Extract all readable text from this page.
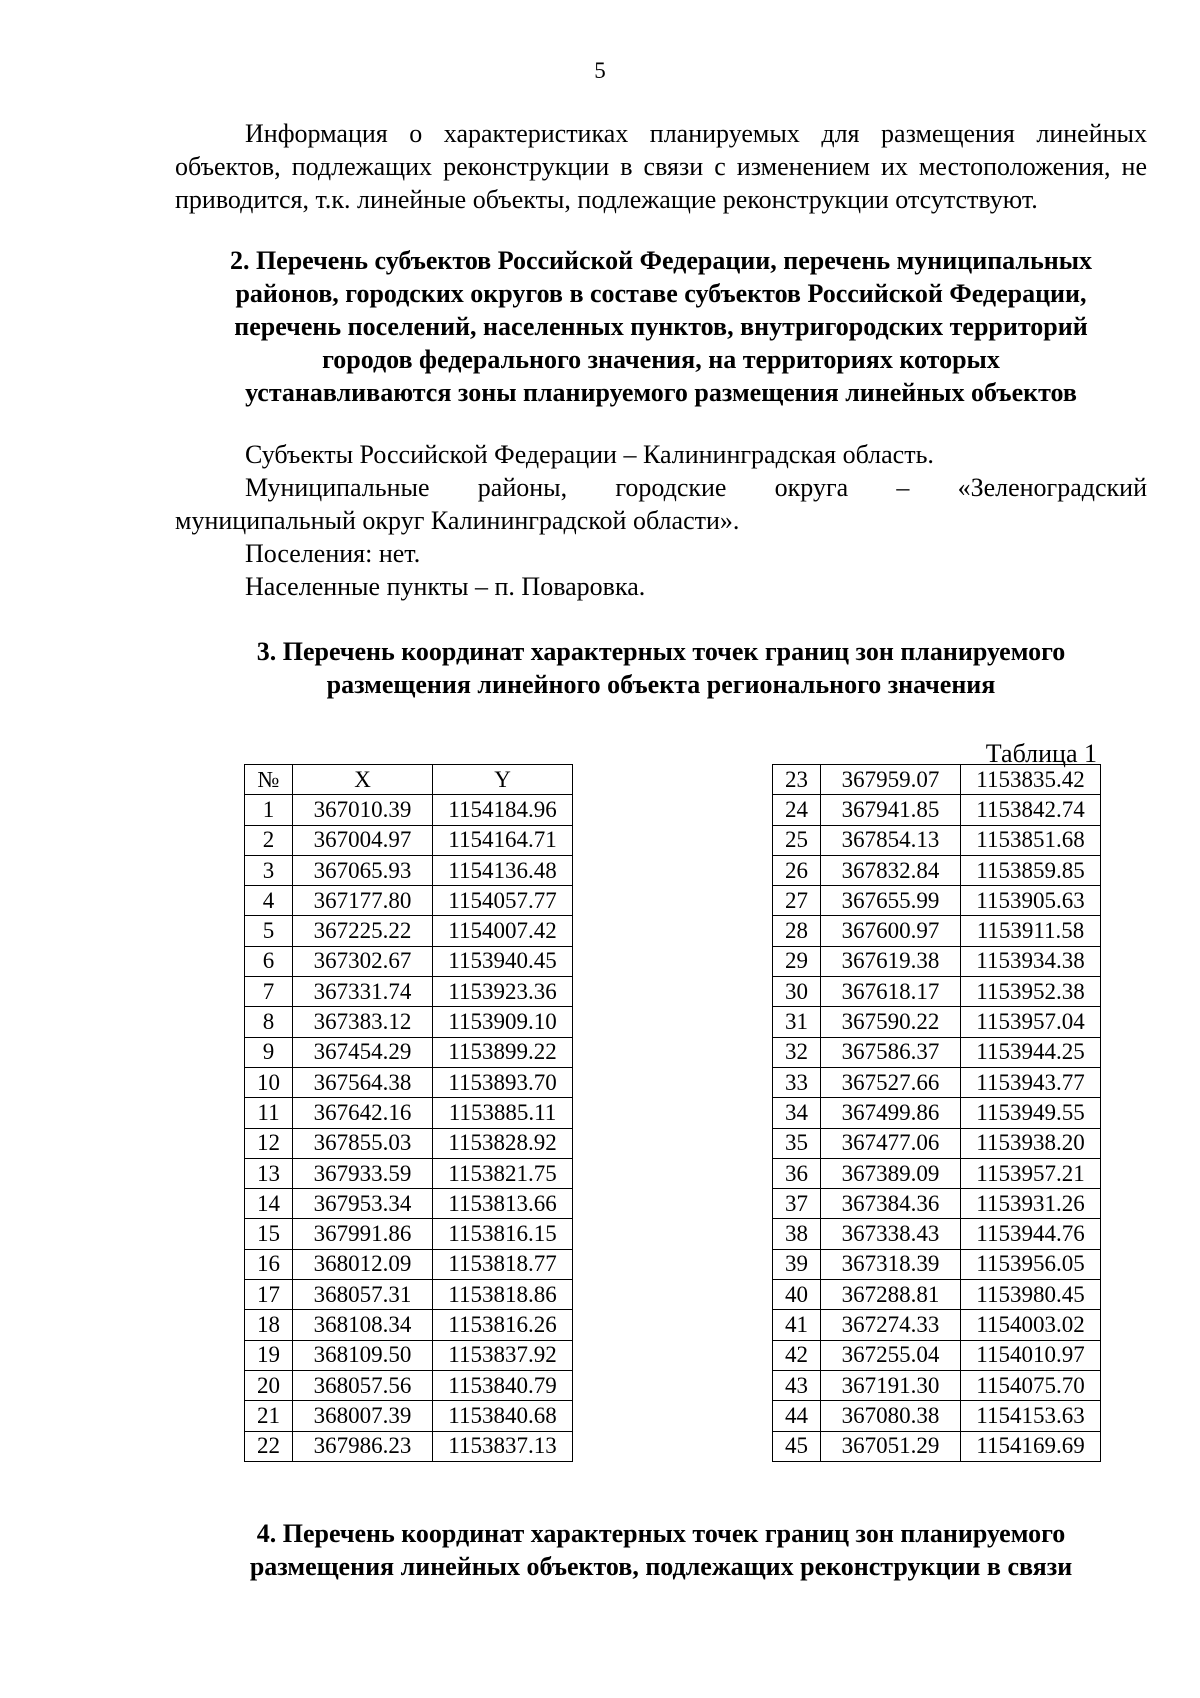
5

Информация о характеристиках планируемых для размещения линейных объектов, подлежащих реконструкции в связи с изменением их местоположения, не приводится, т.к. линейные объекты, подлежащие реконструкции отсутствуют.

2. Перечень субъектов Российской Федерации, перечень муниципальных

районов, городских округов в составе субъектов Российской Федерации,

перечень поселений, населенных пунктов, внутригородских территорий

городов федерального значения, на территориях которых

устанавливаются зоны планируемого размещения линейных объектов

Субъекты Российской Федерации – Калининградская область.

Муниципальные районы, городские округа – «Зеленоградский

муниципальный округ Калининградской области».
Поселения: нет.
Населенные пункты – п. Поваровка.

3. Перечень координат характерных точек границ зон планируемого

размещения линейного объекта регионального значения

Таблица 1
№	X	Y
1	367010.39	1154184.96
2	367004.97	1154164.71
3	367065.93	1154136.48
4	367177.80	1154057.77
5	367225.22	1154007.42
6	367302.67	1153940.45
7	367331.74	1153923.36
8	367383.12	1153909.10
9	367454.29	1153899.22
10	367564.38	1153893.70
11	367642.16	1153885.11
12	367855.03	1153828.92
13	367933.59	1153821.75
14	367953.34	1153813.66
15	367991.86	1153816.15
16	368012.09	1153818.77
17	368057.31	1153818.86
18	368108.34	1153816.26
19	368109.50	1153837.92
20	368057.56	1153840.79
21	368007.39	1153840.68
22	367986.23	1153837.13
23	367959.07	1153835.42
24	367941.85	1153842.74
25	367854.13	1153851.68
26	367832.84	1153859.85
27	367655.99	1153905.63
28	367600.97	1153911.58
29	367619.38	1153934.38
30	367618.17	1153952.38
31	367590.22	1153957.04
32	367586.37	1153944.25
33	367527.66	1153943.77
34	367499.86	1153949.55
35	367477.06	1153938.20
36	367389.09	1153957.21
37	367384.36	1153931.26
38	367338.43	1153944.76
39	367318.39	1153956.05
40	367288.81	1153980.45
41	367274.33	1154003.02
42	367255.04	1154010.97
43	367191.30	1154075.70
44	367080.38	1154153.63
45	367051.29	1154169.69

4. Перечень координат характерных точек границ зон планируемого

размещения линейных объектов, подлежащих реконструкции в связи
